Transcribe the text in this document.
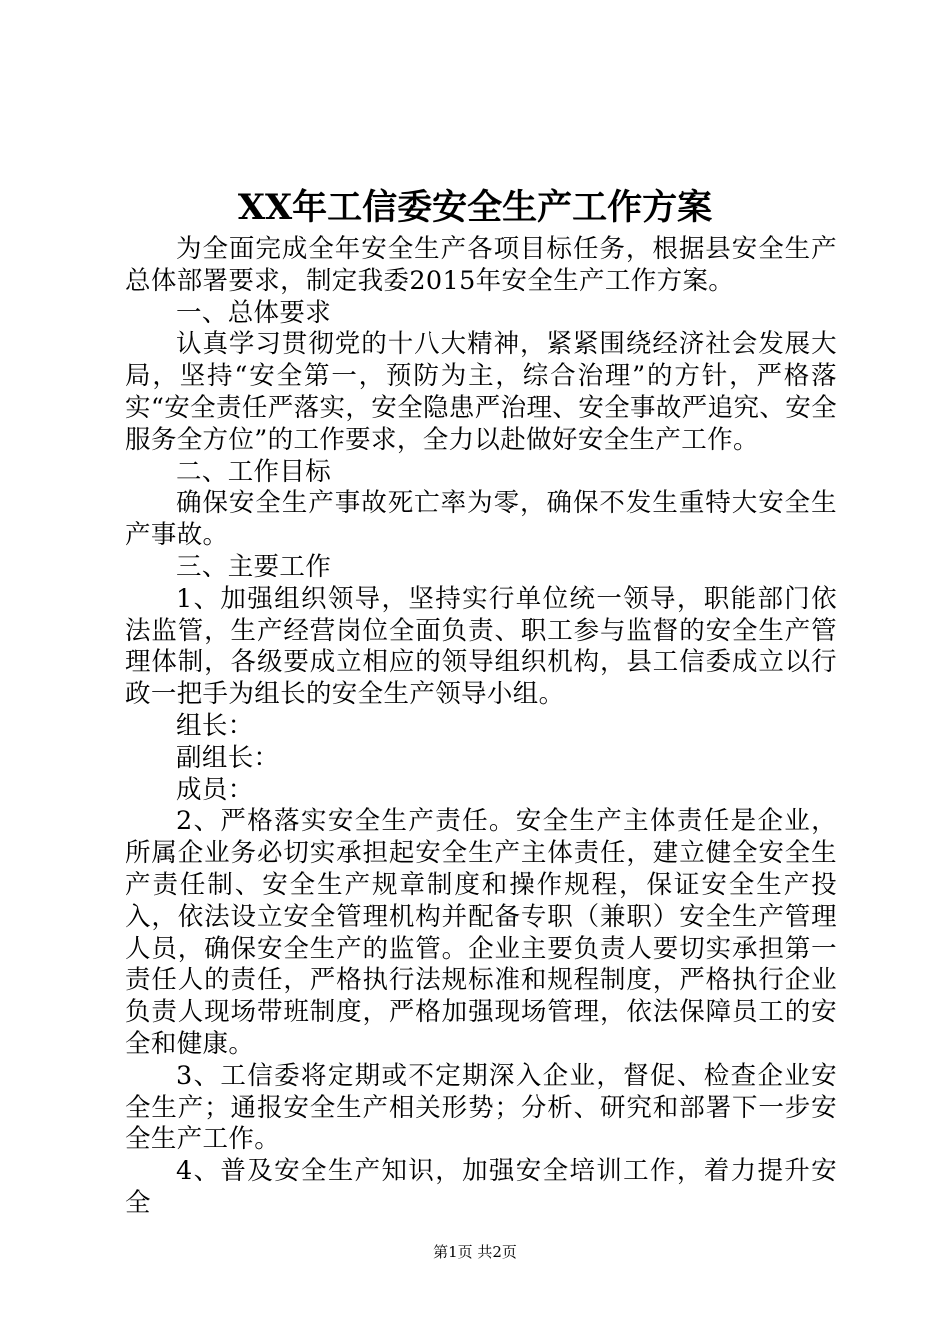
XX年工信委安全生产工作方案

为全面完成全年安全生产各项目标任务，根据县安全生产总体部署要求，制定我委2015年安全生产工作方案。

一、总体要求

认真学习贯彻党的十八大精神，紧紧围绕经济社会发展大局，坚持“安全第一，预防为主，综合治理”的方针，严格落实“安全责任严落实，安全隐患严治理、安全事故严追究、安全服务全方位”的工作要求，全力以赴做好安全生产工作。

二、工作目标

确保安全生产事故死亡率为零，确保不发生重特大安全生产事故。

三、主要工作

1、加强组织领导，坚持实行单位统一领导，职能部门依法监管，生产经营岗位全面负责、职工参与监督的安全生产管理体制，各级要成立相应的领导组织机构，县工信委成立以行政一把手为组长的安全生产领导小组。

组长：

副组长：

成员：

2、严格落实安全生产责任。安全生产主体责任是企业，所属企业务必切实承担起安全生产主体责任，建立健全安全生产责任制、安全生产规章制度和操作规程，保证安全生产投入，依法设立安全管理机构并配备专职（兼职）安全生产管理人员，确保安全生产的监管。企业主要负责人要切实承担第一责任人的责任，严格执行法规标准和规程制度，严格执行企业负责人现场带班制度，严格加强现场管理，依法保障员工的安全和健康。

3、工信委将定期或不定期深入企业，督促、检查企业安全生产；通报安全生产相关形势；分析、研究和部署下一步安全生产工作。

4、普及安全生产知识，加强安全培训工作，着力提升安全

第1页 共2页
